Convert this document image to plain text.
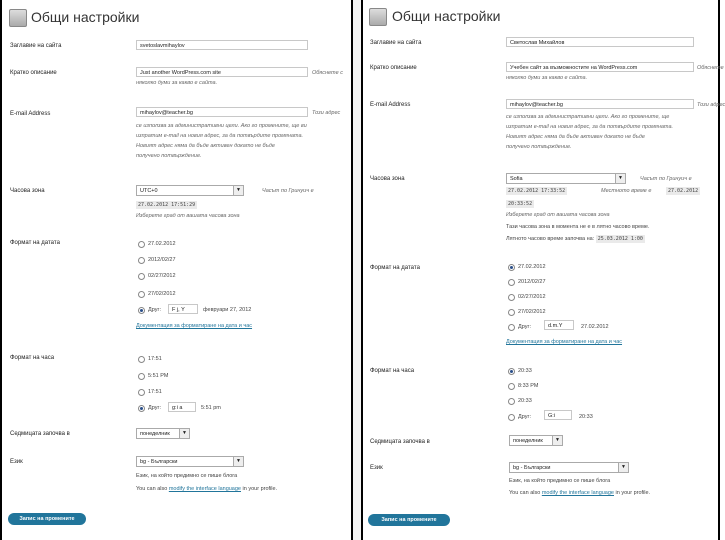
Общи настройки
Заглавие на сайта	svetoslavmihaylov
Кратко описание	Just another WordPress.com site	Обяснете с
няколко думи за какво е сайта.
E-mail Address	mihaylov@teacher.bg	Този адрес
се използва за административни цели. Ако го промените, ще ви
изпратим e-mail на новия адрес, за да потвърдите промяната.
Новият адрес няма да бъде активен докато не бъде
получено потвърждение.
Часова зона	UTC+0	▼	Часът по Гринуич е
27.02.2012 17:51:29
Изберете град от вашата часова зона
Формат на датата	27.02.2012
2012/02/27
02/27/2012
27/02/2012
Друг:	F j, Y	февруари 27, 2012
Документация за форматиране на дата и час
Формат на часа	17:51
5:51 PM
17:51
Друг:	g:i a	5:51 pm
Седмицата започва в	понеделник	▼
Език	bg - Български	▼
Език, на който предимно се пише блога
You can also modify the interface language in your profile.
Запис на промените
Общи настройки
Заглавие на сайта	Светослав Михайлов
Кратко описание	Учебен сайт за възможностите на WordPress.com	Обяснете
няколко думи за какво е сайта.
E-mail Address	mihaylov@teacher.bg	Този адрес
се използва за административни цели. Ако го промените, ще
изпратим e-mail на новия адрес, за да потвърдите промяната.
Новият адрес няма да бъде активен докато не бъде
получено потвърждение.
Часова зона	Sofia	▼	Часът по Гринуич е
27.02.2012 17:33:52	Местното време е	27.02.2012
20:33:52
Изберете град от вашата часова зона
Тази часова зона в момента не е в лятно часово време.
Лятното часово време започва на: 25.03.2012 1:00
Формат на датата	27.02.2012
2012/02/27
02/27/2012
27/02/2012
Друг:	d.m.Y	27.02.2012
Документация за форматиране на дата и час
Формат на часа	20:33
8:33 PM
20:33
Друг:	G:i	20:33
Седмицата започва в	понеделник	▼
Език	bg - Български	▼
Език, на който предимно се пише блога
You can also modify the interface language in your profile.
Запис на промените
